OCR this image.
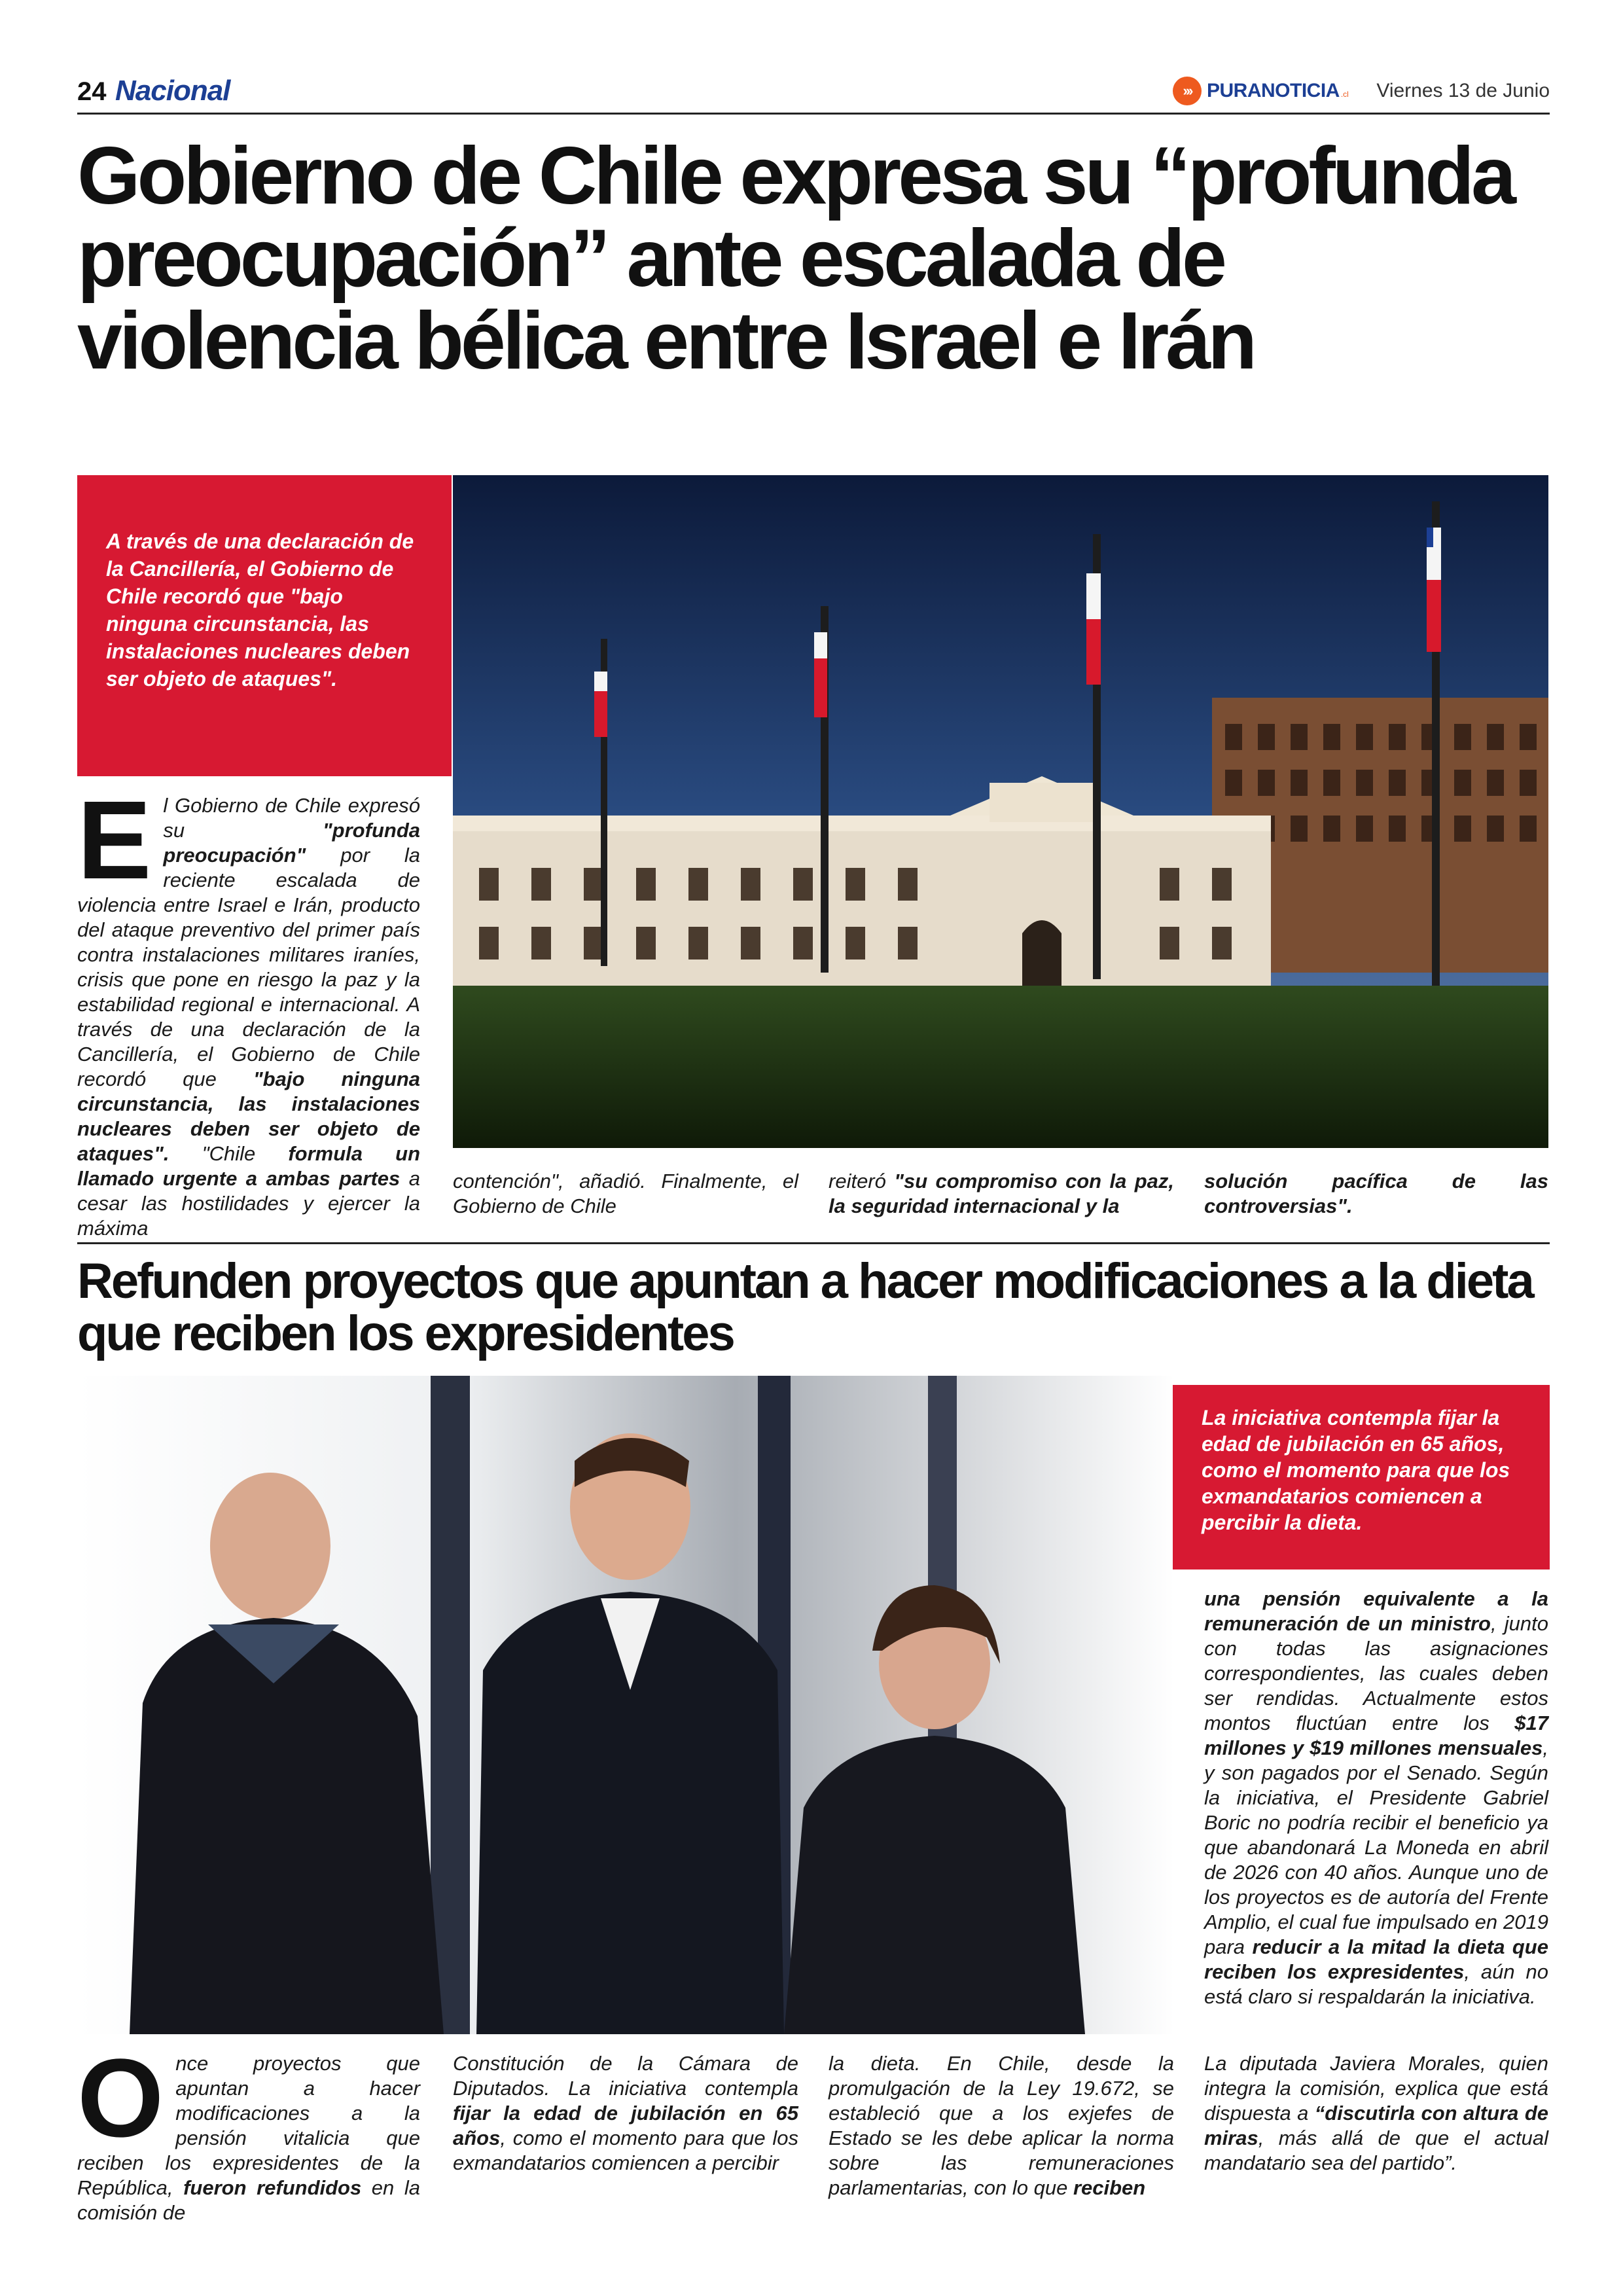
24 Nacional	››› PURANOTICIA .cl Viernes 13 de Junio
Gobierno de Chile expresa su “profunda preocupación” ante escalada de violencia bélica entre Israel e Irán
A través de una declaración de la Cancillería, el Gobierno de Chile recordó que "bajo ninguna circunstancia, las instalaciones nucleares deben ser objeto de ataques".
El Gobierno de Chile expresó su "profunda preocupación" por la reciente escalada de violencia entre Israel e Irán, producto del ataque preventivo del primer país contra instalaciones militares iraníes, crisis que pone en riesgo la paz y la estabilidad regional e internacional. A través de una declaración de la Cancillería, el Gobierno de Chile recordó que "bajo ninguna circunstancia, las instalaciones nucleares deben ser objeto de ataques". "Chile formula un llamado urgente a ambas partes a cesar las hostilidades y ejercer la máxima
contención", añadió. Finalmente, el Gobierno de Chile
reiteró "su compromiso con la paz, la seguridad internacional y la
solución pacífica de las controversias".
Refunden proyectos que apuntan a hacer modificaciones a la dieta que reciben los expresidentes
La iniciativa contempla fijar la edad de jubilación en 65 años, como el momento para que los exmandatarios comiencen a percibir la dieta.
una pensión equivalente a la remuneración de un ministro, junto con todas las asignaciones correspondientes, las cuales deben ser rendidas. Actualmente estos montos fluctúan entre los $17 millones y $19 millones mensuales, y son pagados por el Senado. Según la iniciativa, el Presidente Gabriel Boric no podría recibir el beneficio ya que abandonará La Moneda en abril de 2026 con 40 años. Aunque uno de los proyectos es de autoría del Frente Amplio, el cual fue impulsado en 2019 para reducir a la mitad la dieta que reciben los expresidentes, aún no está claro si respaldarán la iniciativa.
Once proyectos que apuntan a hacer modificaciones a la pensión vitalicia que reciben los expresidentes de la República, fueron refundidos en la comisión de
Constitución de la Cámara de Diputados. La iniciativa contempla fijar la edad de jubilación en 65 años, como el momento para que los exmandatarios comiencen a percibir
la dieta. En Chile, desde la promulgación de la Ley 19.672, se estableció que a los exjefes de Estado se les debe aplicar la norma sobre las remuneraciones parlamentarias, con lo que reciben
La diputada Javiera Morales, quien integra la comisión, explica que está dispuesta a “discutirla con altura de miras, más allá de que el actual mandatario sea del partido”.
